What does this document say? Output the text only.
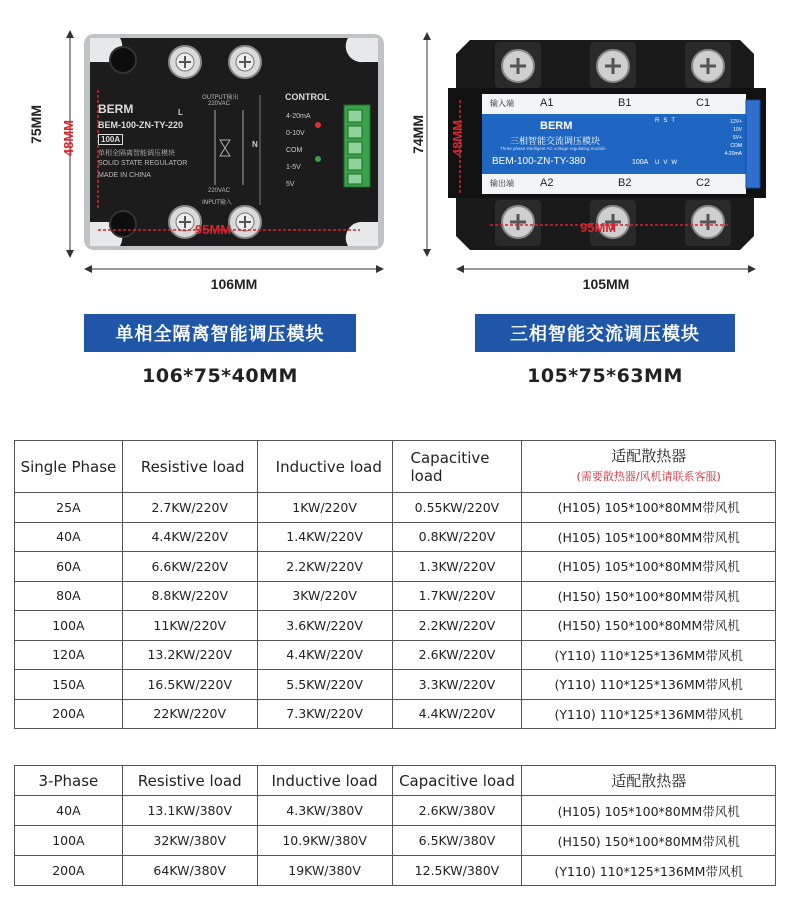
BERM
BEM-100-ZN-TY-220
100A
单相全隔离智能调压模块
SOLID STATE REGULATOR
MADE IN CHINA
OUTPUT输出
220VAC
220VAC
INPUT输入
L
N
CONTROL
4-20mA
0-10V
COM
1-5V
5V
95MM
48MM
75MM
106MM
输入端
输出端
A1	B1	C1
A2	B2	C2
BERM
三相智能交流调压模块
Three phase intelligent AC voltage regulating module
BEM-100-ZN-TY-380	100A
RST
UVW
12V+
10V
5V+
COM
4-20mA
95MM
48MM
74MM
105MM
单相全隔离智能调压模块
106*75*40MM
三相智能交流调压模块
105*75*63MM
Single Phase	Resistive load	Inductive load	Capacitive load	适配散热器
(需要散热器/风机请联系客服)

25A	2.7KW/220V	1KW/220V	0.55KW/220V	(H105) 105*100*80MM带风机
40A	4.4KW/220V	1.4KW/220V	0.8KW/220V	(H105) 105*100*80MM带风机
60A	6.6KW/220V	2.2KW/220V	1.3KW/220V	(H105) 105*100*80MM带风机
80A	8.8KW/220V	3KW/220V	1.7KW/220V	(H150) 150*100*80MM带风机
100A	11KW/220V	3.6KW/220V	2.2KW/220V	(H150) 150*100*80MM带风机
120A	13.2KW/220V	4.4KW/220V	2.6KW/220V	(Y110) 110*125*136MM带风机
150A	16.5KW/220V	5.5KW/220V	3.3KW/220V	(Y110) 110*125*136MM带风机
200A	22KW/220V	7.3KW/220V	4.4KW/220V	(Y110) 110*125*136MM带风机
3-Phase	Resistive load	Inductive load	Capacitive load	适配散热器
40A	13.1KW/380V	4.3KW/380V	2.6KW/380V	(H105) 105*100*80MM带风机
100A	32KW/380V	10.9KW/380V	6.5KW/380V	(H150) 150*100*80MM带风机
200A	64KW/380V	19KW/380V	12.5KW/380V	(Y110) 110*125*136MM带风机
